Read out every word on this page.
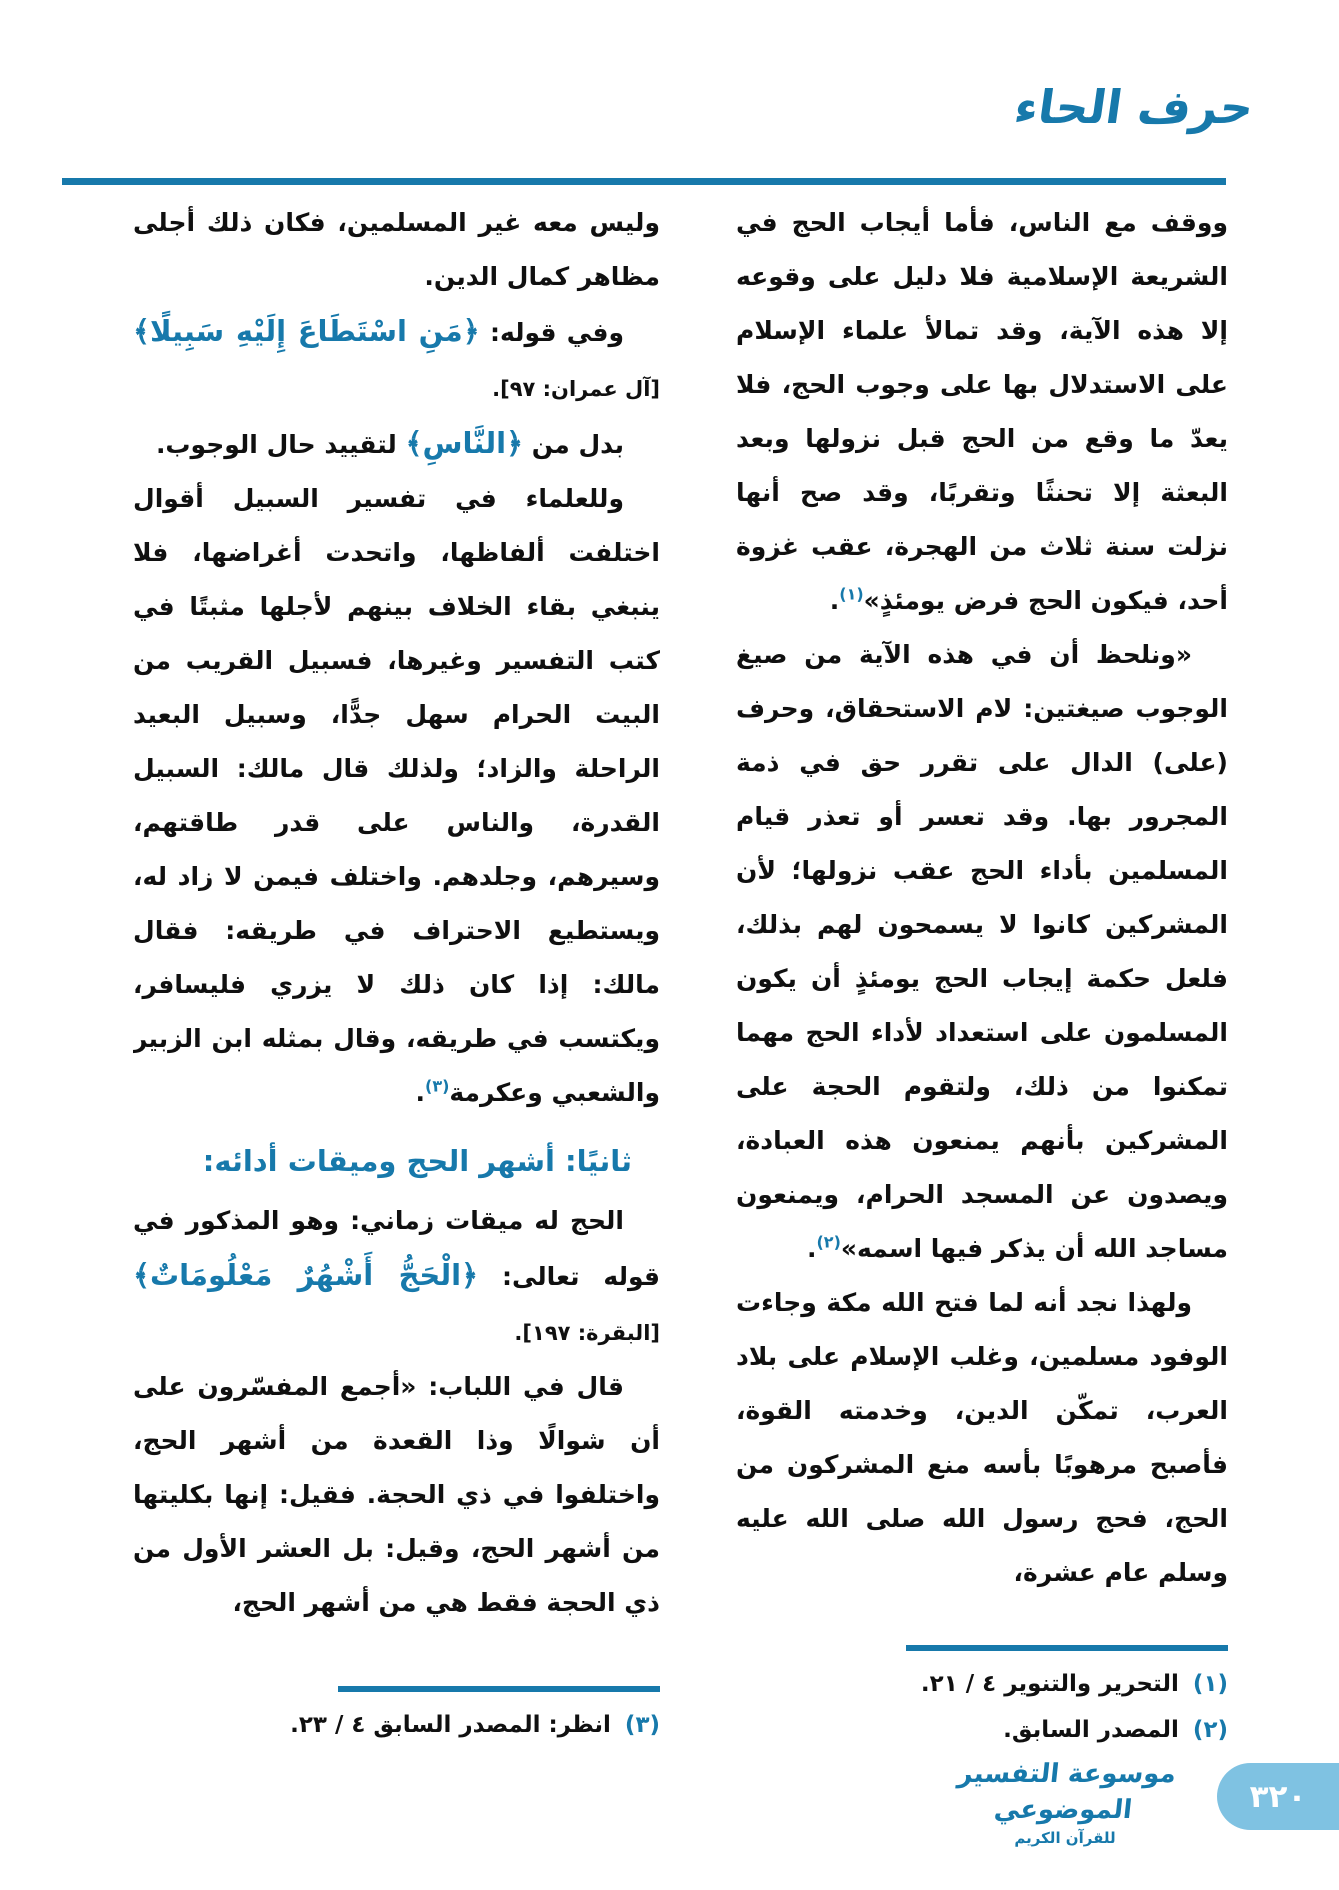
حرف الحاء

ووقف مع الناس، فأما أيجاب الحج في الشريعة الإسلامية فلا دليل على وقوعه إلا هذه الآية، وقد تمالأ علماء الإسلام على الاستدلال بها على وجوب الحج، فلا يعدّ ما وقع من الحج قبل نزولها وبعد البعثة إلا تحنثًا وتقربًا، وقد صح أنها نزلت سنة ثلاث من الهجرة، عقب غزوة أحد، فيكون الحج فرض يومئذٍ»$^{(١)}$.

«ونلحظ أن في هذه الآية من صيغ الوجوب صيغتين: لام الاستحقاق، وحرف (على) الدال على تقرر حق في ذمة المجرور بها. وقد تعسر أو تعذر قيام المسلمين بأداء الحج عقب نزولها؛ لأن المشركين كانوا لا يسمحون لهم بذلك، فلعل حكمة إيجاب الحج يومئذٍ أن يكون المسلمون على استعداد لأداء الحج مهما تمكنوا من ذلك، ولتقوم الحجة على المشركين بأنهم يمنعون هذه العبادة، ويصدون عن المسجد الحرام، ويمنعون مساجد الله أن يذكر فيها اسمه»$^{(٢)}$.

ولهذا نجد أنه لما فتح الله مكة وجاءت الوفود مسلمين، وغلب الإسلام على بلاد العرب، تمكّن الدين، وخدمته القوة، فأصبح مرهوبًا بأسه منع المشركون من الحج، فحج رسول الله صلى الله عليه وسلم عام عشرة،

وليس معه غير المسلمين، فكان ذلك أجلى مظاهر كمال الدين.

وفي قوله: ﴿مَنِ اسْتَطَاعَ إِلَيْهِ سَبِيلًا﴾ [آل عمران: ٩٧].

بدل من ﴿النَّاسِ﴾ لتقييد حال الوجوب.

وللعلماء في تفسير السبيل أقوال اختلفت ألفاظها، واتحدت أغراضها، فلا ينبغي بقاء الخلاف بينهم لأجلها مثبتًا في كتب التفسير وغيرها، فسبيل القريب من البيت الحرام سهل جدًّا، وسبيل البعيد الراحلة والزاد؛ ولذلك قال مالك: السبيل القدرة، والناس على قدر طاقتهم، وسيرهم، وجلدهم. واختلف فيمن لا زاد له، ويستطيع الاحتراف في طريقه: فقال مالك: إذا كان ذلك لا يزري فليسافر، ويكتسب في طريقه، وقال بمثله ابن الزبير والشعبي وعكرمة$^{(٣)}$.

ثانيًا: أشهر الحج وميقات أدائه:

الحج له ميقات زماني: وهو المذكور في قوله تعالى: ﴿الْحَجُّ أَشْهُرٌ مَعْلُومَاتٌ﴾ [البقرة: ١٩٧].

قال في اللباب: «أجمع المفسّرون على أن شوالًا وذا القعدة من أشهر الحج، واختلفوا في ذي الحجة. فقيل: إنها بكليتها من أشهر الحج، وقيل: بل العشر الأول من ذي الحجة فقط هي من أشهر الحج،

(١)التحرير والتنوير ٤ / ٢١.
(٢)المصدر السابق.
(٣)انظر: المصدر السابق ٤ / ٢٣.
موسوعة التفسير الموضوعي
للقرآن الكريم
٣٢٠
